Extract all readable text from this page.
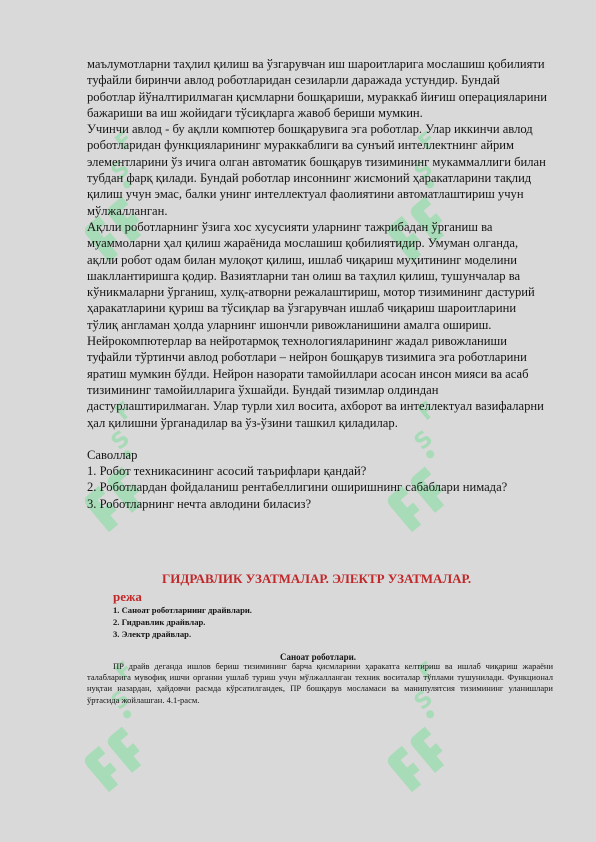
маълумотларни таҳлил қилиш ва ўзгарувчан иш шароитларига мослашиш қобилияти туфайли биринчи авлод роботларидан сезиларли даражада устундир. Бундай роботлар йўналтирилмаган қисмларни бошқариши, мураккаб йиғиш операцияларини бажариши ва иш жойидаги тўсиқларга жавоб бериши мумкин.

Учинчи авлод - бу ақлли компютер бошқарувига эга роботлар. Улар иккинчи авлод роботларидан функцияларининг мураккаблиги ва сунъий интеллектнинг айрим элементларини ўз ичига олган автоматик бошқарув тизимининг мукаммаллиги билан тубдан фарқ қилади. Бундай роботлар инсоннинг жисмоний ҳаракатларини тақлид қилиш учун эмас, балки унинг интеллектуал фаолиятини автоматлаштириш учун мўлжалланган.

Ақлли роботларнинг ўзига хос хусусияти уларнинг тажрибадан ўрганиш ва муаммоларни ҳал қилиш жараёнида мослашиш қобилиятидир. Умуман олганда, ақлли робот одам билан мулоқот қилиш, ишлаб чиқариш муҳитининг моделини шакллантиришга қодир. Вазиятларни тан олиш ва таҳлил қилиш, тушунчалар ва кўникмаларни ўрганиш, хулқ-атворни режалаштириш, мотор тизимининг дастурий ҳаракатларини қуриш ва тўсиқлар ва ўзгарувчан ишлаб чиқариш шароитларини тўлиқ англаман ҳолда уларнинг ишончли ривожланишини амалга ошириш.

Нейрокомпютерлар ва нейротармоқ технологияларининг жадал ривожланиши туфайли тўртинчи авлод роботлари – нейрон бошқарув тизимига эга роботларини яратиш мумкин бўлди. Нейрон назорати тамойиллари асосан инсон мияси ва асаб тизимининг тамойилларига ўхшайди. Бундай тизимлар олдиндан дастурлаштирилмаган. Улар турли хил восита, ахборот ва интеллектуал вазифаларни ҳал қилишни ўрганадилар ва ўз-ўзини ташкил қиладилар.

Саволлар
1. Робот техникасининг асосий таърифлари қандай?
2. Роботлардан фойдаланиш рентабеллигини оширишнинг сабаблари нимада?
3. Роботларнинг нечта авлодини биласиз?
ГИДРАВЛИК УЗАТМАЛАР. ЭЛЕКТР УЗАТМАЛАР.
режа
1. Саноат роботларнинг драйвлари.
2. Гидравлик драйвлар.
3. Электр драйвлар.
Саноат роботлари.
ПР драйв деганда ишлов бериш тизимининг барча қисмларини ҳаракатга келтириш ва ишлаб чиқариш жараёни талабларига мувофиқ ишчи органни ушлаб туриш учун мўлжалланган техник воситалар тўплами тушунилади. Функционал нуқтаи назардан, ҳайдовчи расмда кўрсатилгандек, ПР бошқарув мосламаси ва манипулятсия тизимининг уланишлари ўртасида жойлашган. 4.1-расм.
